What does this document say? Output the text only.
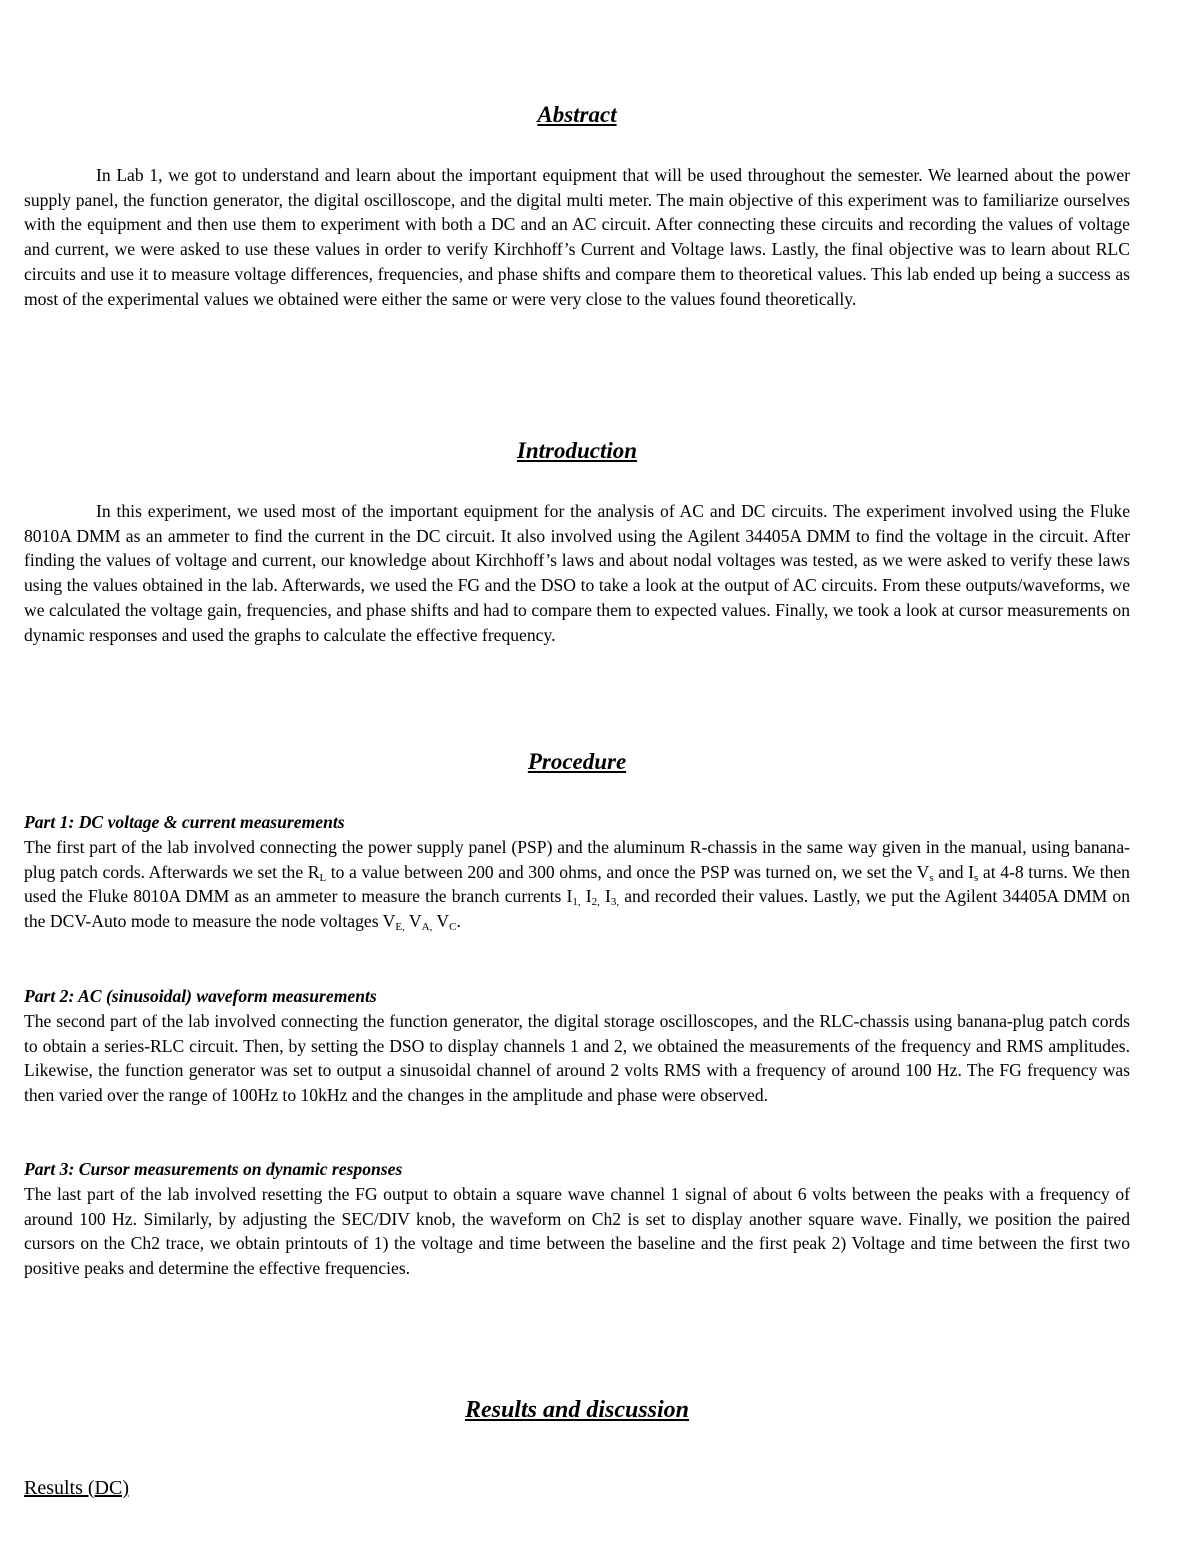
Abstract

In Lab 1, we got to understand and learn about the important equipment that will be used throughout the semester. We learned about the power supply panel, the function generator, the digital oscilloscope, and the digital multi meter. The main objective of this experiment was to familiarize ourselves with the equipment and then use them to experiment with both a DC and an AC circuit. After connecting these circuits and recording the values of voltage and current, we were asked to use these values in order to verify Kirchhoff’s Current and Voltage laws. Lastly, the final objective was to learn about RLC circuits and use it to measure voltage differences, frequencies, and phase shifts and compare them to theoretical values. This lab ended up being a success as most of the experimental values we obtained were either the same or were very close to the values found theoretically.

Introduction

In this experiment, we used most of the important equipment for the analysis of AC and DC circuits. The experiment involved using the Fluke 8010A DMM as an ammeter to find the current in the DC circuit. It also involved using the Agilent 34405A DMM to find the voltage in the circuit. After finding the values of voltage and current, our knowledge about Kirchhoff’s laws and about nodal voltages was tested, as we were asked to verify these laws using the values obtained in the lab. Afterwards, we used the FG and the DSO to take a look at the output of AC circuits. From these outputs/waveforms, we we calculated the voltage gain, frequencies, and phase shifts and had to compare them to expected values. Finally, we took a look at cursor measurements on dynamic responses and used the graphs to calculate the effective frequency.

Procedure

Part 1: DC voltage & current measurements

The first part of the lab involved connecting the power supply panel (PSP) and the aluminum R-chassis in the same way given in the manual, using banana-plug patch cords. Afterwards we set the $R_L$ to a value between 200 and 300 ohms, and once the PSP was turned on, we set the $V_s$ and $I_s$ at 4-8 turns. We then used the Fluke 8010A DMM as an ammeter to measure the branch currents $I_{1,}$ $I_{2,}$ $I_{3,}$ and recorded their values. Lastly, we put the Agilent 34405A DMM on the DCV-Auto mode to measure the node voltages $V_{E,}$ $V_{A,}$ $V_C$.

Part 2: AC (sinusoidal) waveform measurements

The second part of the lab involved connecting the function generator, the digital storage oscilloscopes, and the RLC-chassis using banana-plug patch cords to obtain a series-RLC circuit. Then, by setting the DSO to display channels 1 and 2, we obtained the measurements of the frequency and RMS amplitudes. Likewise, the function generator was set to output a sinusoidal channel of around 2 volts RMS with a frequency of around 100 Hz. The FG frequency was then varied over the range of 100Hz to 10kHz and the changes in the amplitude and phase were observed.

Part 3: Cursor measurements on dynamic responses

The last part of the lab involved resetting the FG output to obtain a square wave channel 1 signal of about 6 volts between the peaks with a frequency of around 100 Hz. Similarly, by adjusting the SEC/DIV knob, the waveform on Ch2 is set to display another square wave. Finally, we position the paired cursors on the Ch2 trace, we obtain printouts of 1) the voltage and time between the baseline and the first peak 2) Voltage and time between the first two positive peaks and determine the effective frequencies.

Results and discussion

Results (DC)
